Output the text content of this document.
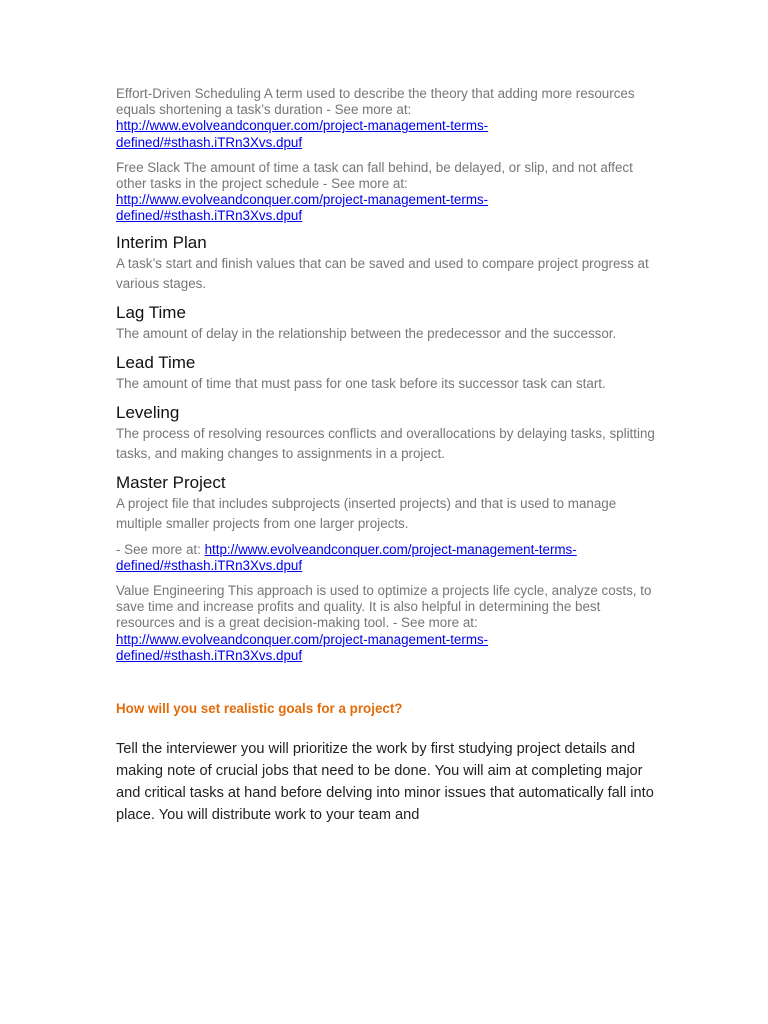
Effort-Driven Scheduling A term used to describe the theory that adding more resources equals shortening a task’s duration - See more at:
http://www.evolveandconquer.com/project-management-terms-
defined/#sthash.iTRn3Xvs.dpuf

Free Slack The amount of time a task can fall behind, be delayed, or slip, and not affect other tasks in the project schedule - See more at:
http://www.evolveandconquer.com/project-management-terms-
defined/#sthash.iTRn3Xvs.dpuf

Interim Plan

A task’s start and finish values that can be saved and used to compare project progress at various stages.

Lag Time

The amount of delay in the relationship between the predecessor and the successor.

Lead Time

The amount of time that must pass for one task before its successor task can start.

Leveling

The process of resolving resources conflicts and overallocations by delaying tasks, splitting tasks, and making changes to assignments in a project.

Master Project

A project file that includes subprojects (inserted projects) and that is used to manage multiple smaller projects from one larger projects.

- See more at: http://www.evolveandconquer.com/project-management-terms-
defined/#sthash.iTRn3Xvs.dpuf

Value Engineering This approach is used to optimize a projects life cycle, analyze costs, to save time and increase profits and quality. It is also helpful in determining the best resources and is a great decision-making tool. - See more at: http://www.evolveandconquer.com/project-management-terms-
defined/#sthash.iTRn3Xvs.dpuf

How will you set realistic goals for a project?

Tell the interviewer you will prioritize the work by first studying project details and making note of crucial jobs that need to be done. You will aim at completing major and critical tasks at hand before delving into minor issues that automatically fall into place. You will distribute work to your team and
